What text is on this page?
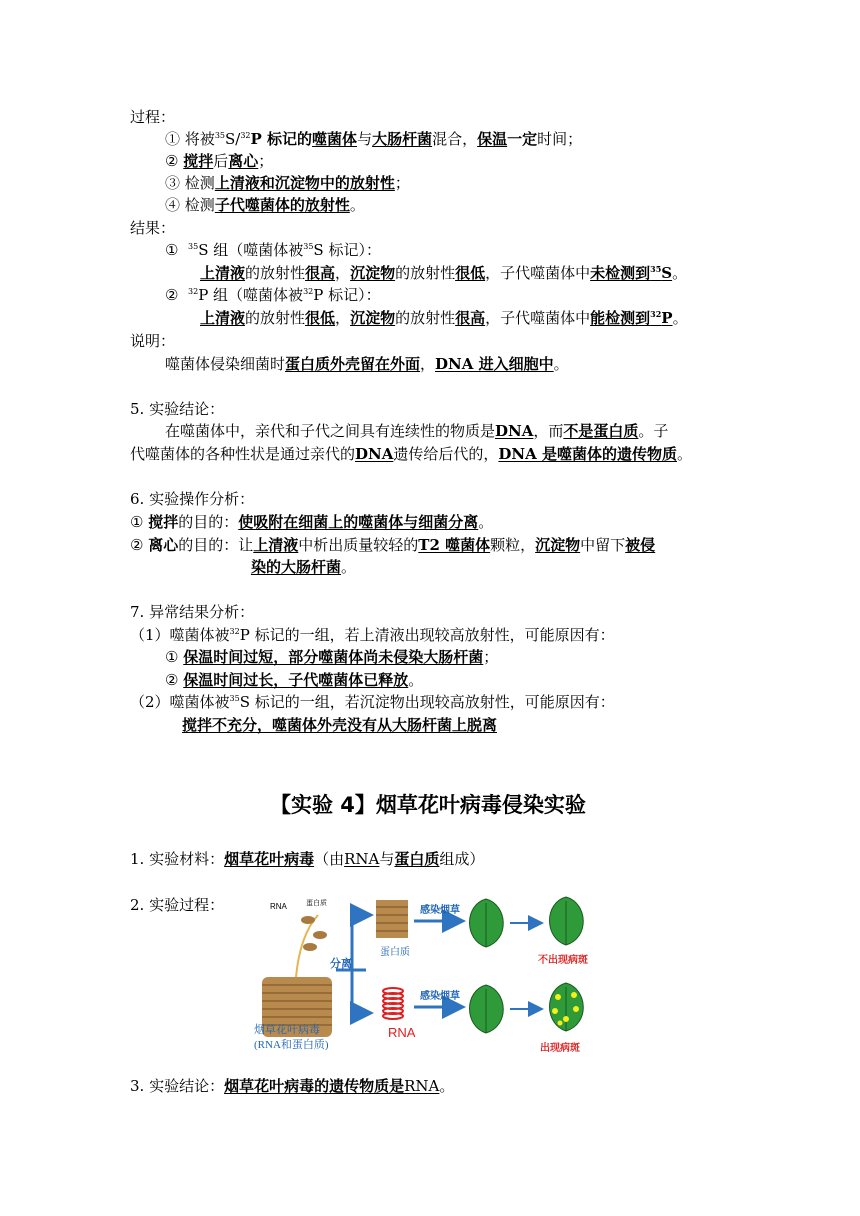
过程：
① 将被$^{35}$S/$^{32}$P 标记的噬菌体与大肠杆菌混合，保温一定时间；
② 搅拌后离心；
③ 检测上清液和沉淀物中的放射性；
④ 检测子代噬菌体的放射性。
结果：
① $^{35}$S 组（噬菌体被$^{35}$S 标记）：
上清液的放射性很高，沉淀物的放射性很低，子代噬菌体中未检测到$^{35}$S。
② $^{32}$P 组（噬菌体被$^{32}$P 标记）：
上清液的放射性很低，沉淀物的放射性很高，子代噬菌体中能检测到$^{32}$P。
说明：
噬菌体侵染细菌时蛋白质外壳留在外面，DNA 进入细胞中。
5. 实验结论：
在噬菌体中，亲代和子代之间具有连续性的物质是DNA，而不是蛋白质。子
代噬菌体的各种性状是通过亲代的DNA遗传给后代的，DNA 是噬菌体的遗传物质。
6. 实验操作分析：
① 搅拌的目的：使吸附在细菌上的噬菌体与细菌分离。
② 离心的目的：让上清液中析出质量较轻的T2 噬菌体颗粒，沉淀物中留下被侵
染的大肠杆菌。
7. 异常结果分析：
（1）噬菌体被$^{32}$P 标记的一组，若上清液出现较高放射性，可能原因有：
① 保温时间过短，部分噬菌体尚未侵染大肠杆菌；
② 保温时间过长，子代噬菌体已释放。
（2）噬菌体被$^{35}$S 标记的一组，若沉淀物出现较高放射性，可能原因有：
搅拌不充分，噬菌体外壳没有从大肠杆菌上脱离
【实验 4】烟草花叶病毒侵染实验
1. 实验材料：烟草花叶病毒（由RNA与蛋白质组成）
2. 实验过程：	RNA	蛋白质
烟草花叶病毒
(RNA和蛋白质)
分离
蛋白质
RNA
感染烟草
感染烟草
不出现病斑
出现病斑
3. 实验结论：烟草花叶病毒的遗传物质是RNA。
